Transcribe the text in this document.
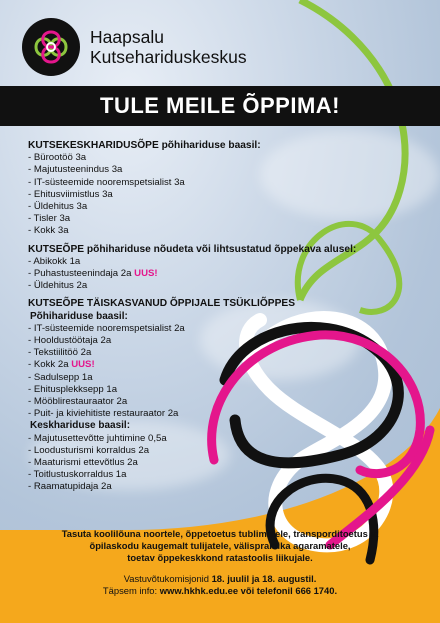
Haapsalu
Kutsehariduskeskus
TULE MEILE ÕPPIMA!
KUTSEKESKHARIDUSÕPE põhihariduse baasil:
- Bürootöö 3a
- Majutusteenindus 3a
- IT-süsteemide nooremspetsialist 3a
- Ehitusviimistlus 3a
- Üldehitus 3a
- Tisler 3a
- Kokk 3a
KUTSEÕPE põhihariduse nõudeta või lihtsustatud õppekava alusel:
- Abikokk 1a
- Puhastusteenindaja 2a UUS!
- Üldehitus 2a
KUTSEÕPE TÄISKASVANUD ÕPPIJALE TSÜKLIÕPPES
Põhihariduse baasil:
- IT-süsteemide nooremspetsialist 2a
- Hooldustöötaja 2a
- Tekstiilitöö 2a
- Kokk 2a UUS!
- Sadulsepp 1a
- Ehitusplekksepp 1a
- Mööblirestauraator 2a
- Puit- ja kiviehitiste restauraator 2a
Keskhariduse baasil:
- Majutusettevõtte juhtimine 0,5a
- Loodusturismi korraldus 2a
- Maaturismi ettevõtlus 2a
- Toitlustuskorraldus 1a
- Raamatupidaja 2a
Tasuta koolilõuna noortele, õppetoetus tublimatele, transporditoetus ja
õpilaskodu kaugemalt tulijatele, välispraktika agaramatele,
toetav õppekeskkond ratastoolis liikujale.
Vastuvõtukomisjonid 18. juulil ja 18. augustil.
Täpsem info: www.hkhk.edu.ee või telefonil 666 1740.
